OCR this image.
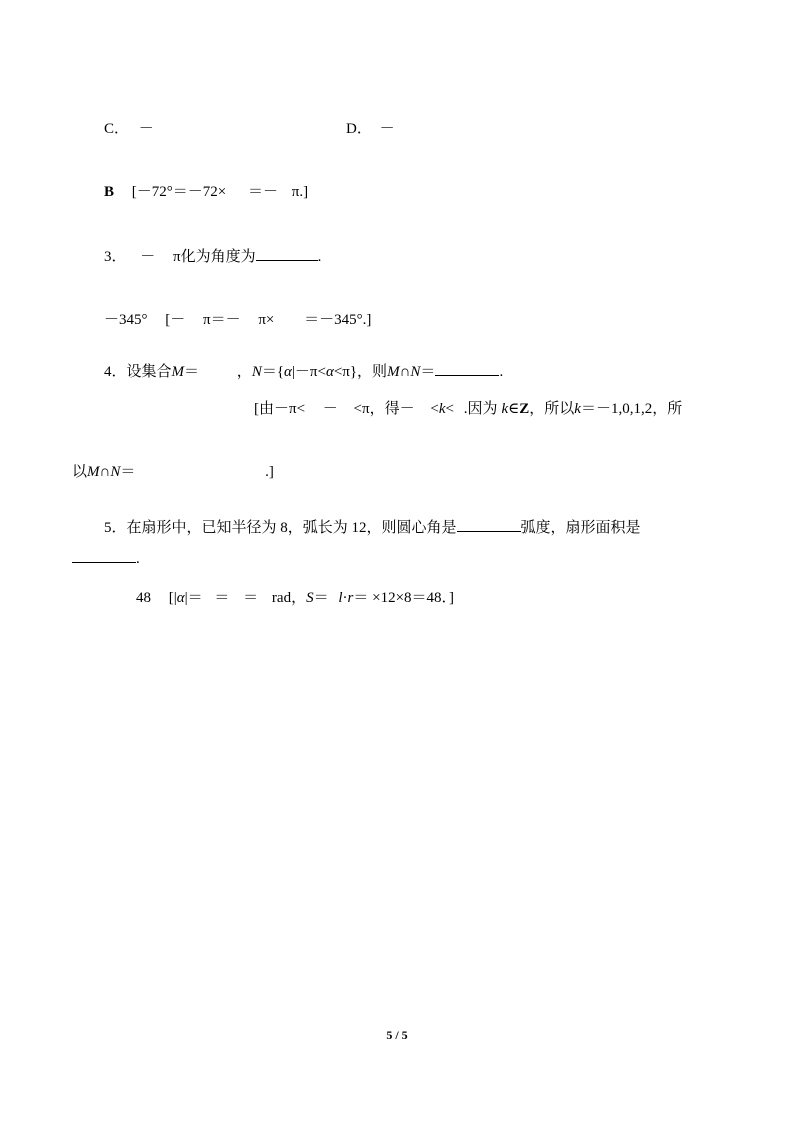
C． －	D． －
B [－72°＝－72× ＝－ π.]
3． － π化为角度为	.
－345° [－ π＝－ π× ＝－345°.]
4．设集合M＝	，N＝{α|－π<α<π}，则M∩N＝	.
[由－π< － <π，得－ <k< .因为 k∈Z，所以k＝－1,0,1,2，所
以M∩N＝	.]
5．在扇形中，已知半径为 8，弧长为 12，则圆心角是	弧度，扇形面积是
.
48 [|α|＝ ＝ ＝ rad，S＝ l·r＝ ×12×8＝48．]
5 / 5
